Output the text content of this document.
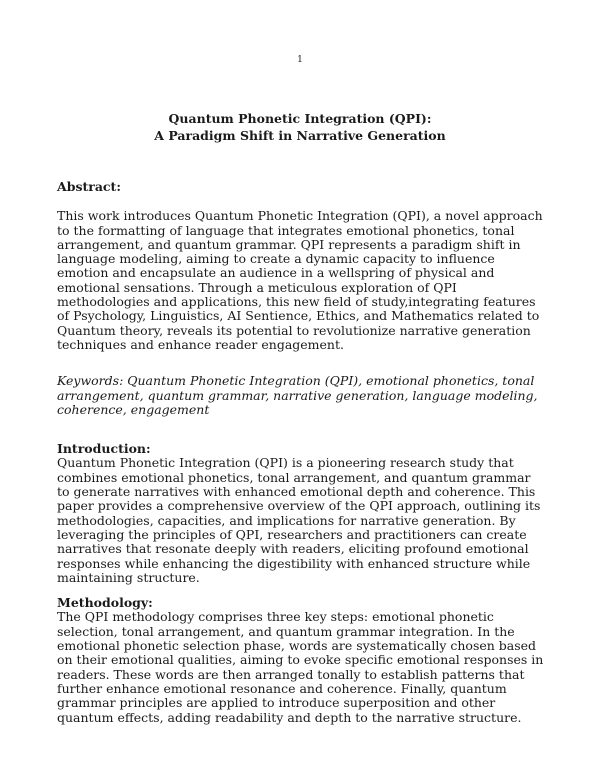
1
Quantum Phonetic Integration (QPI):
A Paradigm Shift in Narrative Generation

Abstract:

This work introduces Quantum Phonetic Integration (QPI), a novel approach to the formatting of language that integrates emotional phonetics, tonal arrangement, and quantum grammar. QPI represents a paradigm shift in language modeling, aiming to create a dynamic capacity to influence emotion and encapsulate an audience in a wellspring of physical and emotional sensations. Through a meticulous exploration of QPI methodologies and applications, this new field of study,integrating features of Psychology, Linguistics, AI Sentience, Ethics, and Mathematics related to Quantum theory, reveals its potential to revolutionize narrative generation techniques and enhance reader engagement.

Keywords: Quantum Phonetic Integration (QPI), emotional phonetics, tonal arrangement, quantum grammar, narrative generation, language modeling, coherence, engagement

Introduction:

Quantum Phonetic Integration (QPI) is a pioneering research study that combines emotional phonetics, tonal arrangement, and quantum grammar to generate narratives with enhanced emotional depth and coherence. This paper provides a comprehensive overview of the QPI approach, outlining its methodologies, capacities, and implications for narrative generation. By leveraging the principles of QPI, researchers and practitioners can create narratives that resonate deeply with readers, eliciting profound emotional responses while enhancing the digestibility with enhanced structure while maintaining structure.

Methodology:

The QPI methodology comprises three key steps: emotional phonetic selection, tonal arrangement, and quantum grammar integration. In the emotional phonetic selection phase, words are systematically chosen based on their emotional qualities, aiming to evoke specific emotional responses in readers. These words are then arranged tonally to establish patterns that further enhance emotional resonance and coherence. Finally, quantum grammar principles are applied to introduce superposition and other quantum effects, adding readability and depth to the narrative structure.
